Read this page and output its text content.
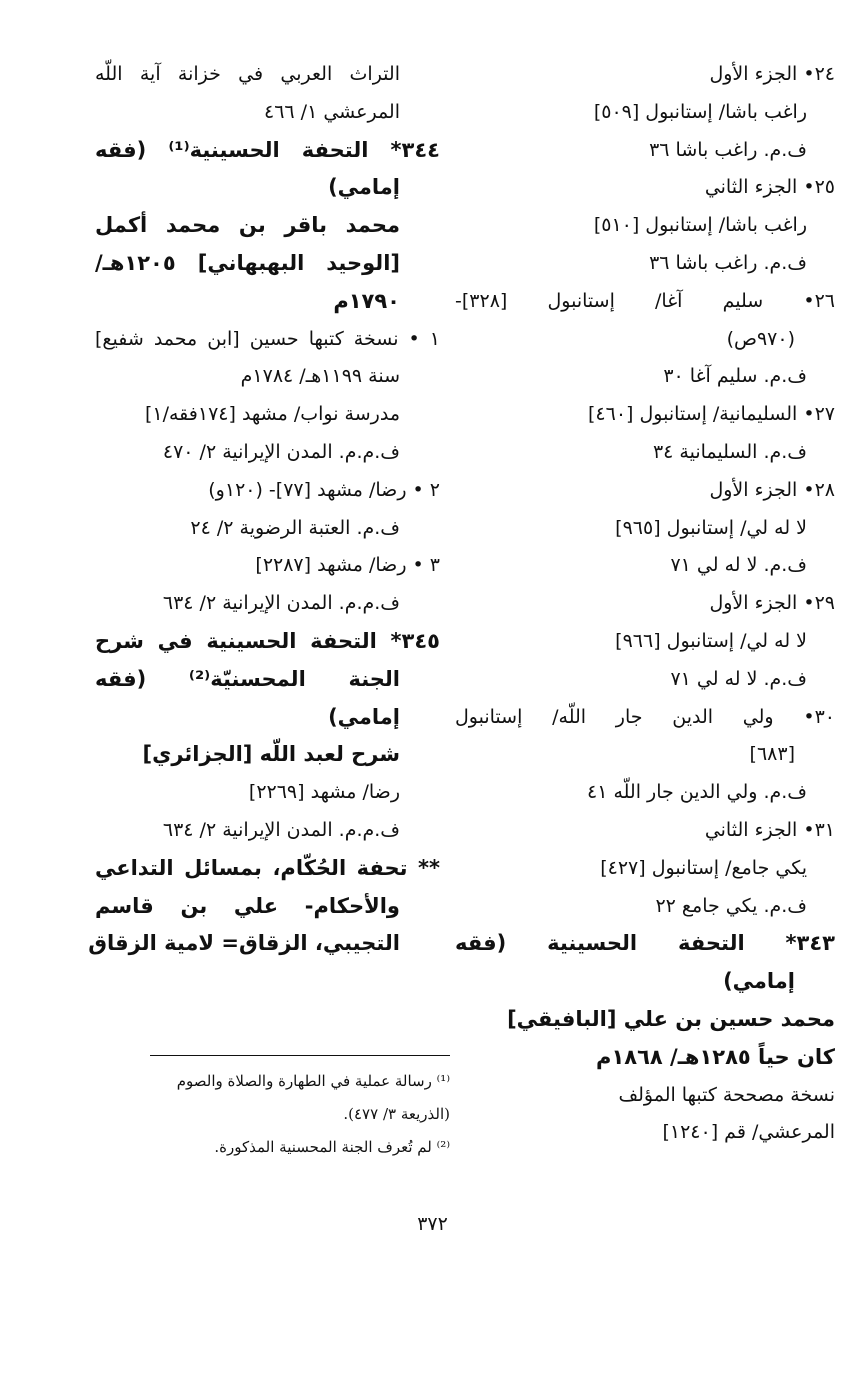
٢٤• الجزء الأول
راغب باشا/ إستانبول [٥٠٩]
ف.م. راغب باشا ٣٦
٢٥• الجزء الثاني
راغب باشا/ إستانبول [٥١٠]
ف.م. راغب باشا ٣٦
٢٦• سليم آغا/ إستانبول [٣٢٨]-
(٩٧٠ص)
ف.م. سليم آغا ٣٠
٢٧• السليمانية/ إستانبول [٤٦٠]
ف.م. السليمانية ٣٤
٢٨• الجزء الأول
لا له لي/ إستانبول [٩٦٥]
ف.م. لا له لي ٧١
٢٩• الجزء الأول
لا له لي/ إستانبول [٩٦٦]
ف.م. لا له لي ٧١
٣٠• ولي الدين جار اللّه/ إستانبول
[٦٨٣]
ف.م. ولي الدين جار اللّه ٤١
٣١• الجزء الثاني
يكي جامع/ إستانبول [٤٢٧]
ف.م. يكي جامع ٢٢
٣٤٣* التحفة الحسينية (فقه
إمامي)
محمد حسين بن علي [البافيقي]
كان حياً ١٢٨٥هـ/ ١٨٦٨م
نسخة مصححة كتبها المؤلف
المرعشي/ قم [١٢٤٠]
التراث العربي في خزانة آية اللّه
المرعشي ١/ ٤٦٦
٣٤٤* التحفة الحسينية⁽¹⁾ (فقه
إمامي)
محمد باقر بن محمد أكمل
[الوحيد البهبهاني] ١٢٠٥هـ/
١٧٩٠م
١ • نسخة كتبها حسين [ابن محمد شفيع]
سنة ١١٩٩هـ/ ١٧٨٤م
مدرسة نواب/ مشهد [١٧٤فقه/١]
ف.م.م. المدن الإيرانية ٢/ ٤٧٠
٢ • رضا/ مشهد [٧٧]- (١٢٠و)
ف.م. العتبة الرضوية ٢/ ٢٤
٣ • رضا/ مشهد [٢٢٨٧]
ف.م.م. المدن الإيرانية ٢/ ٦٣٤
٣٤٥* التحفة الحسينية في شرح
الجنة المحسنيّة⁽²⁾ (فقه
إمامي)
شرح لعبد اللّه [الجزائري]
رضا/ مشهد [٢٢٦٩]
ف.م.م. المدن الإيرانية ٢/ ٦٣٤
** تحفة الحُكّام، بمسائل التداعي
والأحكام- علي بن قاسم
التجيبي، الزقاق= لامية الزقاق
⁽¹⁾ رسالة عملية في الطهارة والصلاة والصوم
(الذريعة ٣/ ٤٧٧).
⁽²⁾ لم تُعرف الجنة المحسنية المذكورة.
٣٧٢
